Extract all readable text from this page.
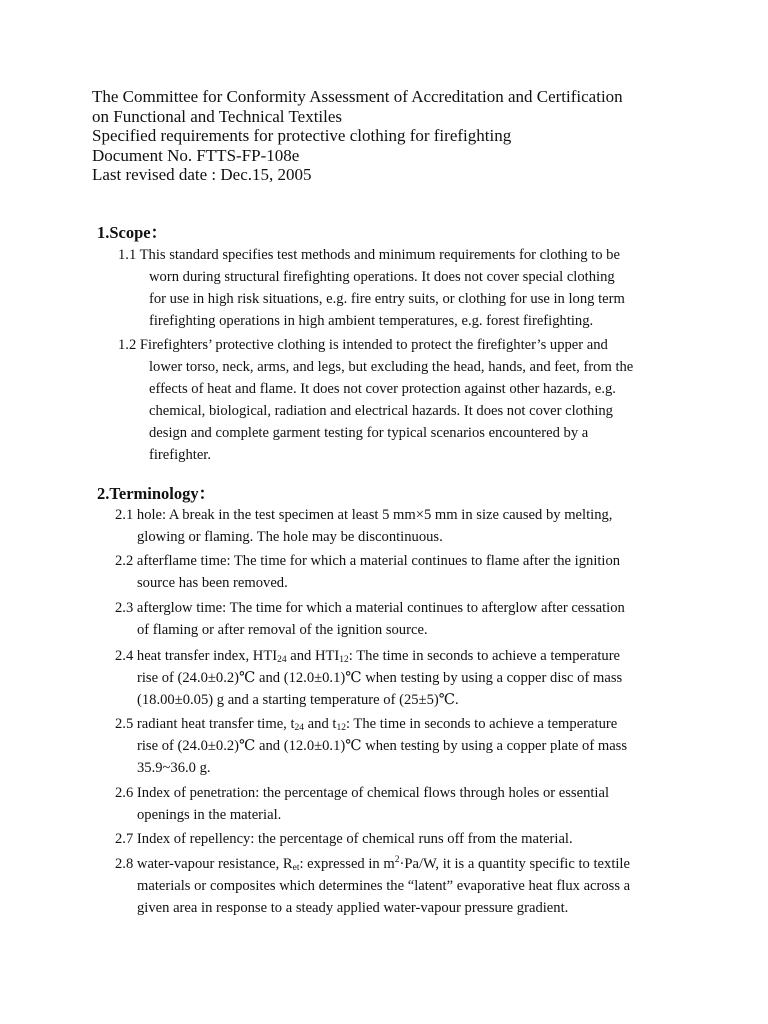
The Committee for Conformity Assessment of Accreditation and Certification
on Functional and Technical Textiles
Specified requirements for protective clothing for firefighting
Document No. FTTS-FP-108e
Last revised date : Dec.15, 2005
1.Scope：
1.1 This standard specifies test methods and minimum requirements for clothing to be
worn during structural firefighting operations. It does not cover special clothing
for use in high risk situations, e.g. fire entry suits, or clothing for use in long term
firefighting operations in high ambient temperatures, e.g. forest firefighting.
1.2 Firefighters’ protective clothing is intended to protect the firefighter’s upper and
lower torso, neck, arms, and legs, but excluding the head, hands, and feet, from the
effects of heat and flame. It does not cover protection against other hazards, e.g.
chemical, biological, radiation and electrical hazards. It does not cover clothing
design and complete garment testing for typical scenarios encountered by a
firefighter.
2.Terminology：
2.1 hole: A break in the test specimen at least 5 mm×5 mm in size caused by melting,
glowing or flaming. The hole may be discontinuous.
2.2 afterflame time: The time for which a material continues to flame after the ignition
source has been removed.
2.3 afterglow time: The time for which a material continues to afterglow after cessation
of flaming or after removal of the ignition source.
2.4 heat transfer index, $HTI_{24}$ and $HTI_{12}$: The time in seconds to achieve a temperature
rise of (24.0±0.2)℃ and (12.0±0.1)℃ when testing by using a copper disc of mass
(18.00±0.05) g and a starting temperature of (25±5)℃.
2.5 radiant heat transfer time, $t_{24}$ and $t_{12}$: The time in seconds to achieve a temperature
rise of (24.0±0.2)℃ and (12.0±0.1)℃ when testing by using a copper plate of mass
35.9~36.0 g.
2.6 Index of penetration: the percentage of chemical flows through holes or essential
openings in the material.
2.7 Index of repellency: the percentage of chemical runs off from the material.
2.8 water-vapour resistance, $R_{et}$: expressed in $m^2\cdot Pa/W$, it is a quantity specific to textile
materials or composites which determines the “latent” evaporative heat flux across a
given area in response to a steady applied water-vapour pressure gradient.
